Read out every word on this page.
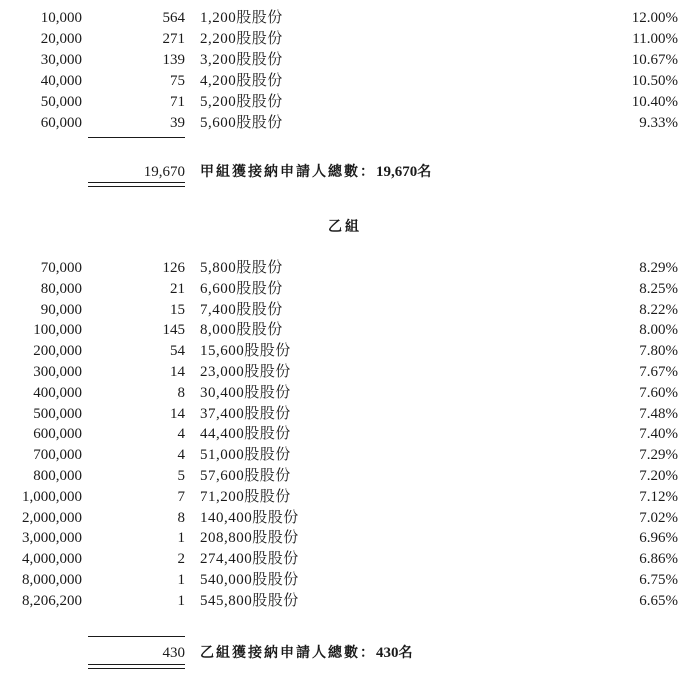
10,000	564 1,200股股份	12.00%
20,000	271 2,200股股份	11.00%
30,000	139 3,200股股份	10.67%
40,000	75 4,200股股份	10.50%
50,000	71 5,200股股份	10.40%
60,000	39 5,600股股份	9.33%
19,670 甲組獲接納申請人總數：19,670名
乙組
70,000	126 5,800股股份	8.29%
80,000	21 6,600股股份	8.25%
90,000	15 7,400股股份	8.22%
100,000	145 8,000股股份	8.00%
200,000	54 15,600股股份	7.80%
300,000	14 23,000股股份	7.67%
400,000	8 30,400股股份	7.60%
500,000	14 37,400股股份	7.48%
600,000	4 44,400股股份	7.40%
700,000	4 51,000股股份	7.29%
800,000	5 57,600股股份	7.20%
1,000,000	7 71,200股股份	7.12%
2,000,000	8 140,400股股份	7.02%
3,000,000	1 208,800股股份	6.96%
4,000,000	2 274,400股股份	6.86%
8,000,000	1 540,000股股份	6.75%
8,206,200	1 545,800股股份	6.65%
430 乙組獲接納申請人總數：430名
